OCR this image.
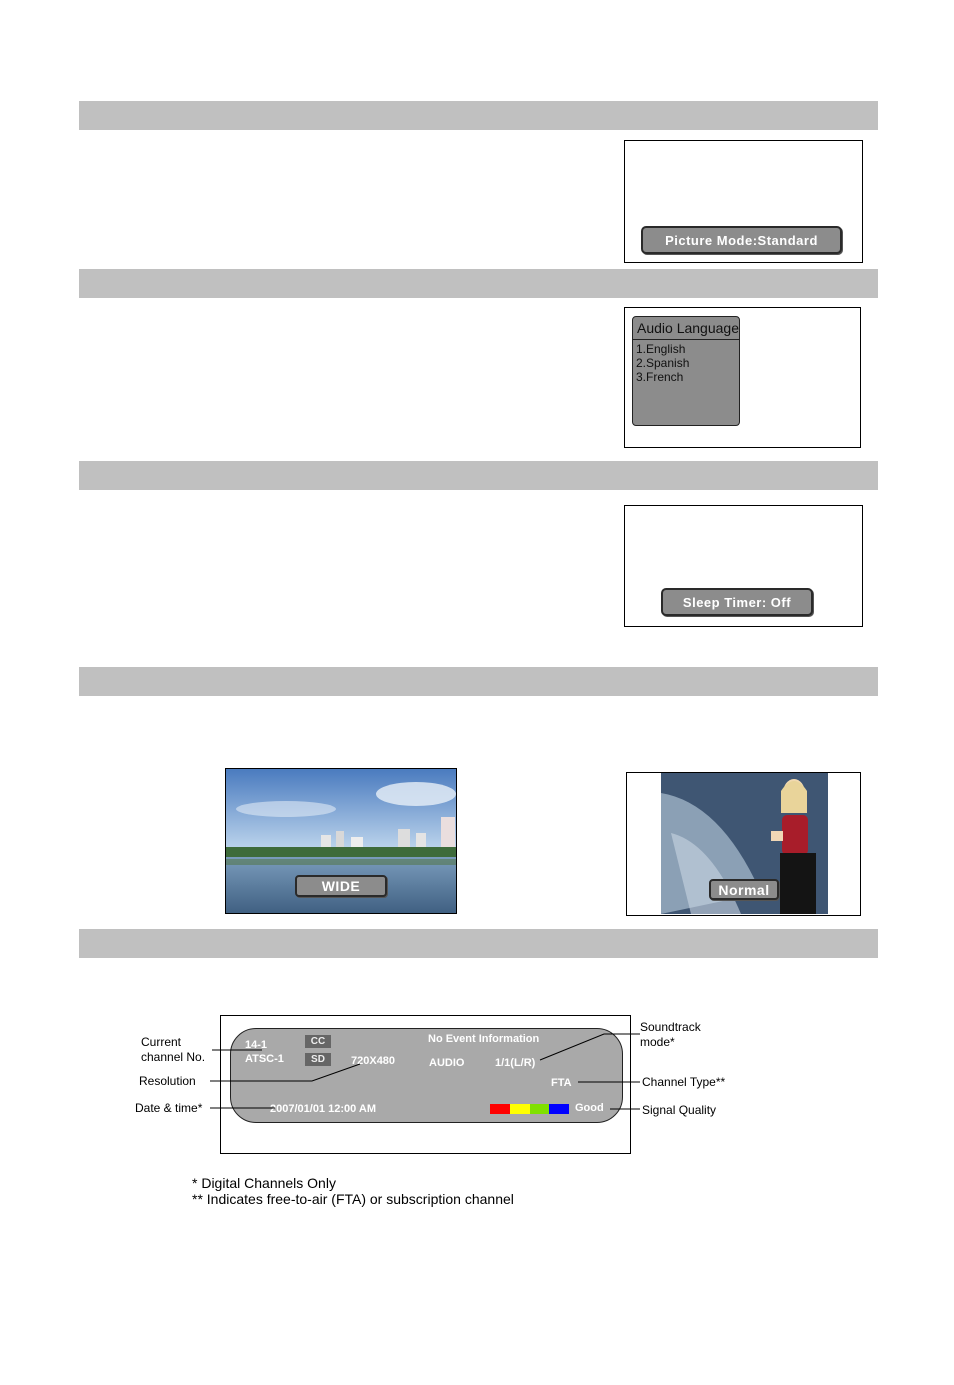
Picture Mode:Standard
Audio Language
1.English
2.Spanish
3.French
Sleep Timer: Off
WIDE	Normal
14-1
ATSC-1
CC
SD
No Event Information
720X480	AUDIO	1/1(L/R)
FTA
2007/01/01 12:00 AM	Good
Current
channel No.
Resolution
Date & time*
Soundtrack
mode*
Channel Type**
Signal Quality
* Digital Channels Only
** Indicates free-to-air (FTA) or subscription channel
